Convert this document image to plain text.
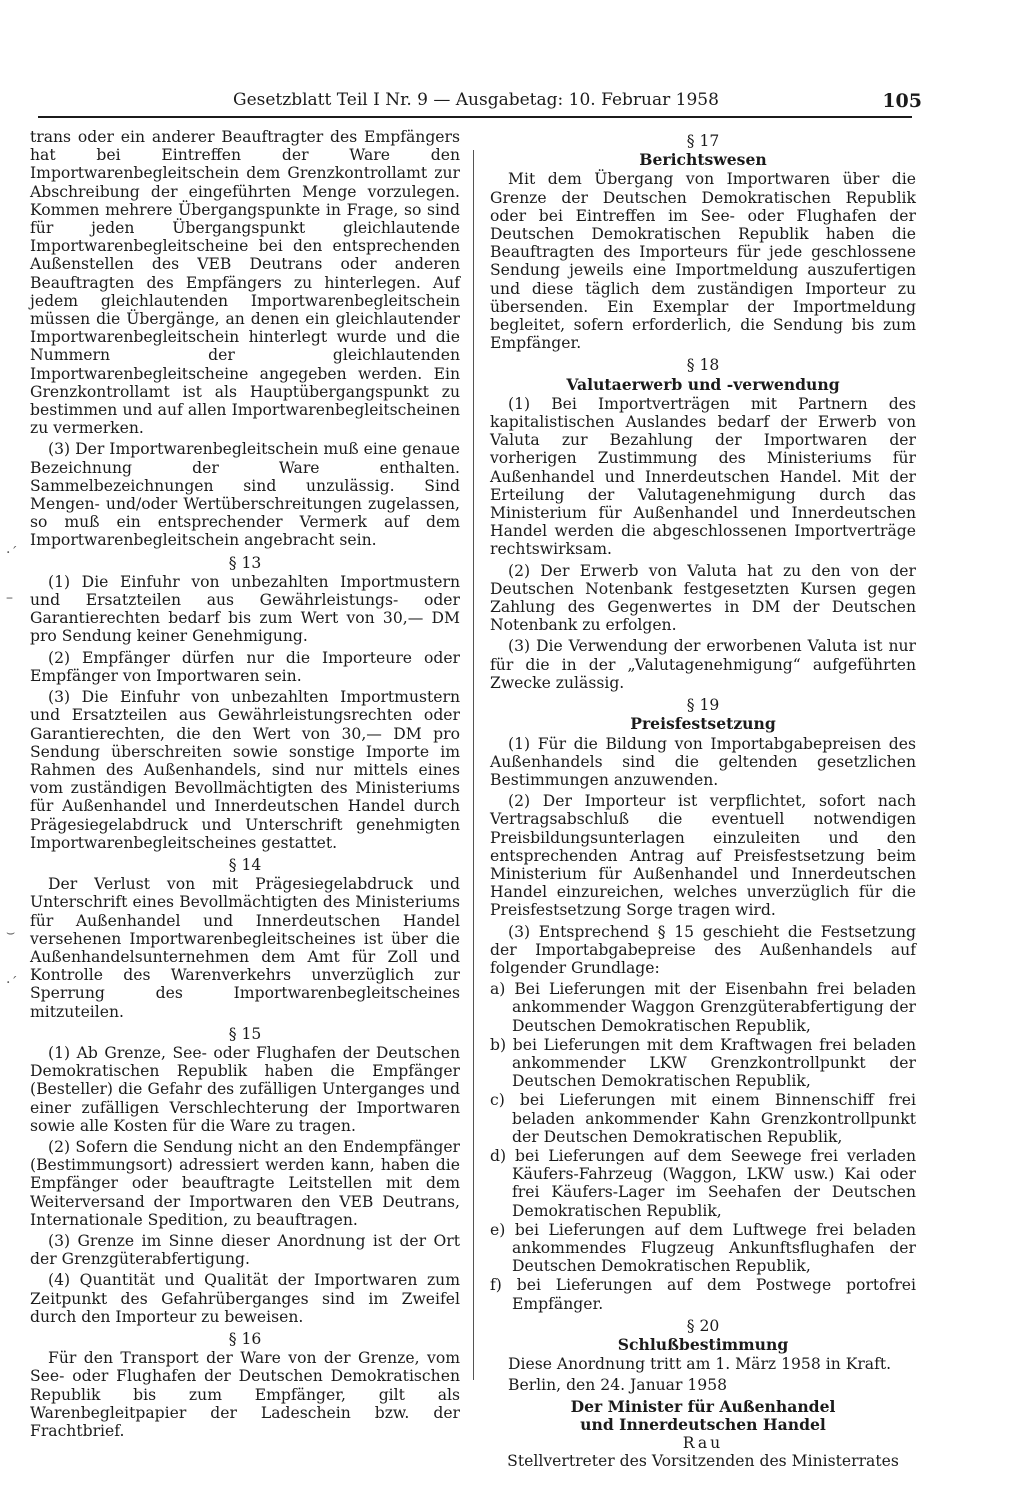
Gesetzblatt Teil I Nr. 9 — Ausgabetag: 10. Februar 1958	105
·´
–
⌣
·´

trans oder ein anderer Beauftragter des Empfängers hat bei Eintreffen der Ware den Importwarenbegleitschein dem Grenzkontrollamt zur Abschreibung der eingeführten Menge vorzulegen. Kommen mehrere Übergangspunkte in Frage, so sind für jeden Übergangspunkt gleichlautende Importwarenbegleitscheine bei den entsprechenden Außenstellen des VEB Deutrans oder anderen Beauftragten des Empfängers zu hinterlegen. Auf jedem gleichlautenden Importwarenbegleitschein müssen die Übergänge, an denen ein gleichlautender Importwarenbegleitschein hinterlegt wurde und die Nummern der gleichlautenden Importwarenbegleitscheine angegeben werden. Ein Grenzkontrollamt ist als Hauptübergangspunkt zu bestimmen und auf allen Importwarenbegleitscheinen zu vermerken.

(3) Der Importwarenbegleitschein muß eine genaue Bezeichnung der Ware enthalten. Sammelbezeichnungen sind unzulässig. Sind Mengen- und/oder Wertüberschreitungen zugelassen, so muß ein entsprechender Vermerk auf dem Importwarenbegleitschein angebracht sein.

§ 13

(1) Die Einfuhr von unbezahlten Importmustern und Ersatzteilen aus Gewährleistungs- oder Garantierechten bedarf bis zum Wert von 30,— DM pro Sendung keiner Genehmigung.

(2) Empfänger dürfen nur die Importeure oder Empfänger von Importwaren sein.

(3) Die Einfuhr von unbezahlten Importmustern und Ersatzteilen aus Gewährleistungsrechten oder Garantierechten, die den Wert von 30,— DM pro Sendung überschreiten sowie sonstige Importe im Rahmen des Außenhandels, sind nur mittels eines vom zuständigen Bevollmächtigten des Ministeriums für Außenhandel und Innerdeutschen Handel durch Prägesiegelabdruck und Unterschrift genehmigten Importwarenbegleitscheines gestattet.

§ 14

Der Verlust von mit Prägesiegelabdruck und Unterschrift eines Bevollmächtigten des Ministeriums für Außenhandel und Innerdeutschen Handel versehenen Importwarenbegleitscheines ist über die Außenhandelsunternehmen dem Amt für Zoll und Kontrolle des Warenverkehrs unverzüglich zur Sperrung des Importwarenbegleitscheines mitzuteilen.

§ 15

(1) Ab Grenze, See- oder Flughafen der Deutschen Demokratischen Republik haben die Empfänger (Besteller) die Gefahr des zufälligen Unterganges und einer zufälligen Verschlechterung der Importwaren sowie alle Kosten für die Ware zu tragen.

(2) Sofern die Sendung nicht an den Endempfänger (Bestimmungsort) adressiert werden kann, haben die Empfänger oder beauftragte Leitstellen mit dem Weiterversand der Importwaren den VEB Deutrans, Internationale Spedition, zu beauftragen.

(3) Grenze im Sinne dieser Anordnung ist der Ort der Grenzgüterabfertigung.

(4) Quantität und Qualität der Importwaren zum Zeitpunkt des Gefahrüberganges sind im Zweifel durch den Importeur zu beweisen.

§ 16

Für den Transport der Ware von der Grenze, vom See- oder Flughafen der Deutschen Demokratischen Republik bis zum Empfänger, gilt als Warenbegleitpapier der Ladeschein bzw. der Frachtbrief.

§ 17

Berichtswesen

Mit dem Übergang von Importwaren über die Grenze der Deutschen Demokratischen Republik oder bei Eintreffen im See- oder Flughafen der Deutschen Demokratischen Republik haben die Beauftragten des Importeurs für jede geschlossene Sendung jeweils eine Importmeldung auszufertigen und diese täglich dem zuständigen Importeur zu übersenden. Ein Exemplar der Importmeldung begleitet, sofern erforderlich, die Sendung bis zum Empfänger.

§ 18

Valutaerwerb und -verwendung

(1) Bei Importverträgen mit Partnern des kapitalistischen Auslandes bedarf der Erwerb von Valuta zur Bezahlung der Importwaren der vorherigen Zustimmung des Ministeriums für Außenhandel und Innerdeutschen Handel. Mit der Erteilung der Valutagenehmigung durch das Ministerium für Außenhandel und Innerdeutschen Handel werden die abgeschlossenen Importverträge rechtswirksam.

(2) Der Erwerb von Valuta hat zu den von der Deutschen Notenbank festgesetzten Kursen gegen Zahlung des Gegenwertes in DM der Deutschen Notenbank zu erfolgen.

(3) Die Verwendung der erworbenen Valuta ist nur für die in der „Valutagenehmigung“ aufgeführten Zwecke zulässig.

§ 19

Preisfestsetzung

(1) Für die Bildung von Importabgabepreisen des Außenhandels sind die geltenden gesetzlichen Bestimmungen anzuwenden.

(2) Der Importeur ist verpflichtet, sofort nach Vertragsabschluß die eventuell notwendigen Preisbildungsunterlagen einzuleiten und den entsprechenden Antrag auf Preisfestsetzung beim Ministerium für Außenhandel und Innerdeutschen Handel einzureichen, welches unverzüglich für die Preisfestsetzung Sorge tragen wird.

(3) Entsprechend § 15 geschieht die Festsetzung der Importabgabepreise des Außenhandels auf folgender Grundlage:

a) Bei Lieferungen mit der Eisenbahn frei beladen ankommender Waggon Grenzgüterabfertigung der Deutschen Demokratischen Republik,

b) bei Lieferungen mit dem Kraftwagen frei beladen ankommender LKW Grenzkontrollpunkt der Deutschen Demokratischen Republik,

c) bei Lieferungen mit einem Binnenschiff frei beladen ankommender Kahn Grenzkontrollpunkt der Deutschen Demokratischen Republik,

d) bei Lieferungen auf dem Seewege frei verladen Käufers-Fahrzeug (Waggon, LKW usw.) Kai oder frei Käufers-Lager im Seehafen der Deutschen Demokratischen Republik,

e) bei Lieferungen auf dem Luftwege frei beladen ankommendes Flugzeug Ankunftsflughafen der Deutschen Demokratischen Republik,

f) bei Lieferungen auf dem Postwege portofrei Empfänger.

§ 20

Schlußbestimmung

Diese Anordnung tritt am 1. März 1958 in Kraft.

Berlin, den 24. Januar 1958

Der Minister für Außenhandel

und Innerdeutschen Handel

Rau

Stellvertreter des Vorsitzenden des Ministerrates
